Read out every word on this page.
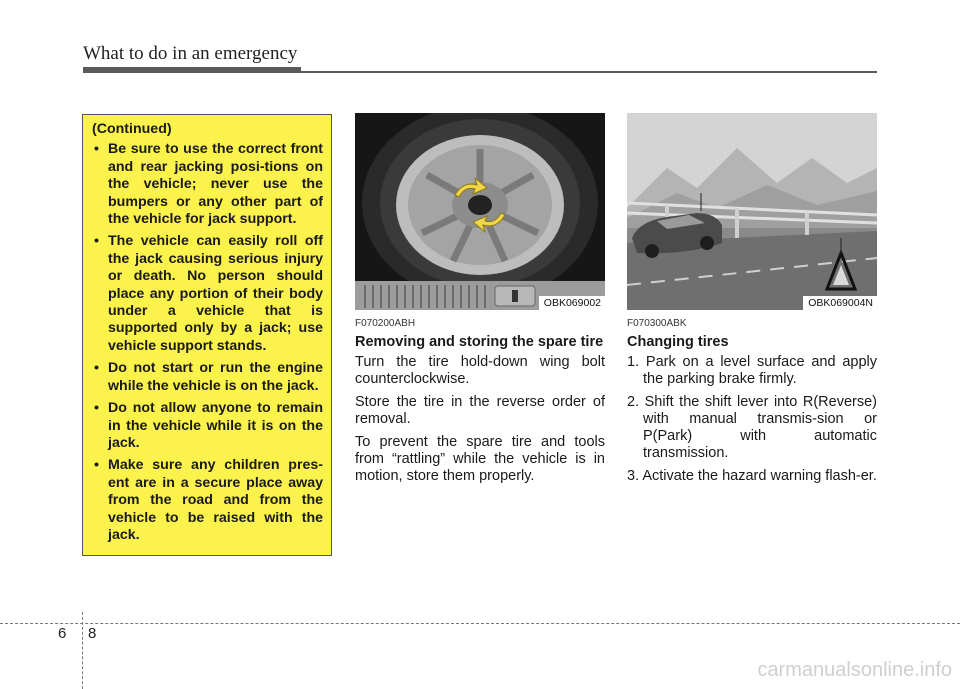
What to do in an emergency
(Continued)
• Be sure to use the correct front and rear jacking posi-tions on the vehicle; never use the bumpers or any other part of the vehicle for jack support.
• The vehicle can easily roll off the jack causing serious injury or death. No person should place any portion of their body under a vehicle that is supported only by a jack; use vehicle support stands.
• Do not start or run the engine while the vehicle is on the jack.
• Do not allow anyone to remain in the vehicle while it is on the jack.
• Make sure any children pres-ent are in a secure place away from the road and from the vehicle to be raised with the jack.
OBK069002	OBK069004N
F070200ABH
Removing and storing the spare tire

Turn the tire hold-down wing bolt counterclockwise.

Store the tire in the reverse order of removal.

To prevent the spare tire and tools from “rattling” while the vehicle is in motion, store them properly.

F070300ABK
Changing tires
1. Park on a level surface and apply the parking brake firmly.
2. Shift the shift lever into R(Reverse) with manual transmis-sion or P(Park) with automatic transmission.
3. Activate the hazard warning flash-er.
6 8
carmanualsonline.info
